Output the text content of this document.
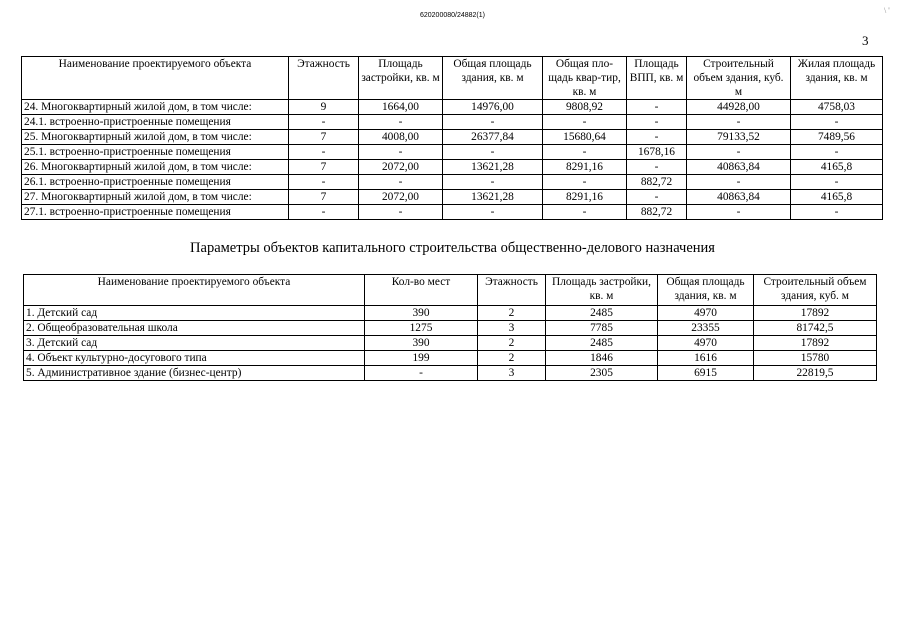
620200080/24882(1)
\ '
3
Наименование проектируемого объекта	Этажность	Площадь застройки, кв. м	Общая площадь здания, кв. м	Общая пло-щадь квар-тир, кв. м	Площадь ВПП, кв. м	Строительный объем здания, куб. м	Жилая площадь здания, кв. м
24. Многоквартирный жилой дом, в том числе:	9	1664,00	14976,00	9808,92	-	44928,00	4758,03
24.1. встроенно-пристроенные помещения	-	-	-	-	-	-	-
25. Многоквартирный жилой дом, в том числе:	7	4008,00	26377,84	15680,64	-	79133,52	7489,56
25.1. встроенно-пристроенные помещения	-	-	-	-	1678,16	-	-
26. Многоквартирный жилой дом, в том числе:	7	2072,00	13621,28	8291,16	-	40863,84	4165,8
26.1. встроенно-пристроенные помещения	-	-	-	-	882,72	-	-
27. Многоквартирный жилой дом, в том числе:	7	2072,00	13621,28	8291,16	-	40863,84	4165,8
27.1. встроенно-пристроенные помещения	-	-	-	-	882,72	-	-
Параметры объектов капитального строительства общественно-делового назначения
Наименование проектируемого объекта	Кол-во мест	Этажность	Площадь застройки, кв. м	Общая площадь здания, кв. м	Строительный объем здания, куб. м
1. Детский сад	390	2	2485	4970	17892
2. Общеобразовательная школа	1275	3	7785	23355	81742,5
3. Детский сад	390	2	2485	4970	17892
4. Объект культурно-досугового типа	199	2	1846	1616	15780
5. Административное здание (бизнес-центр)	-	3	2305	6915	22819,5
